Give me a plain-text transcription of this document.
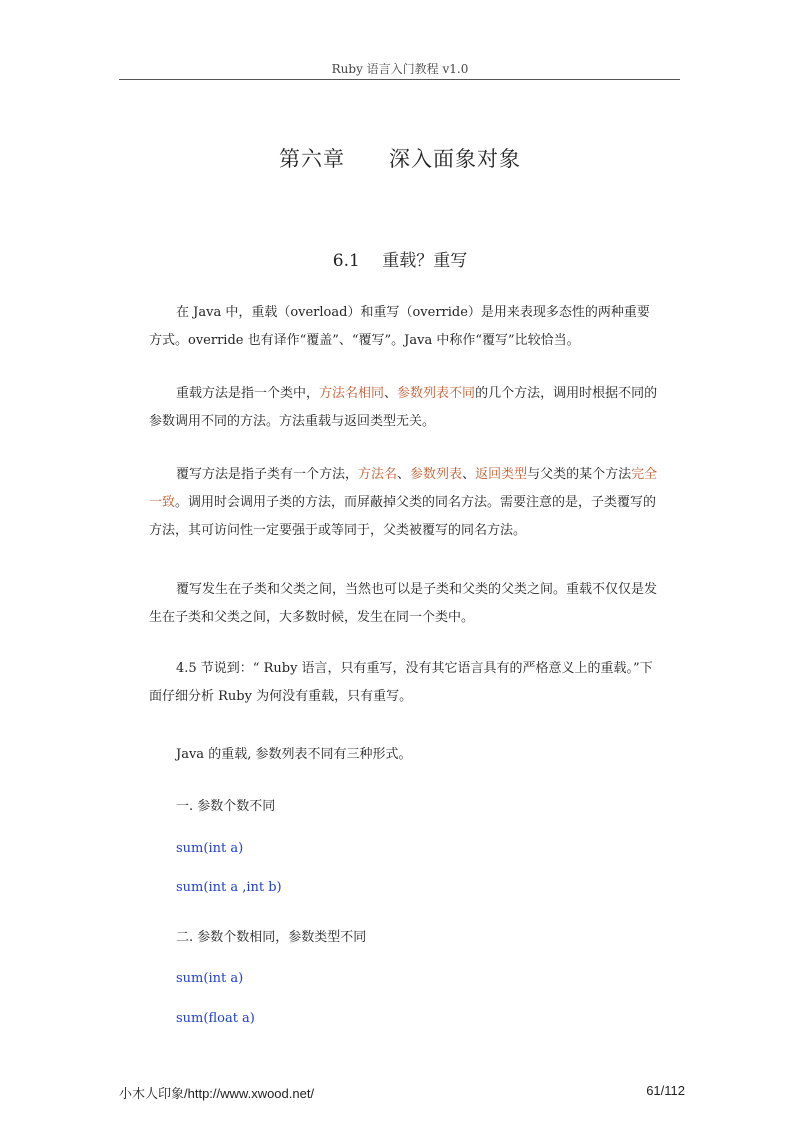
Ruby 语言入门教程 v1.0
第六章　　深入面象对象
6.1　 重载？重写
在 Java 中，重载（overload）和重写（override）是用来表现多态性的两种重要方式。override 也有译作“覆盖”、“覆写”。Java 中称作“覆写”比较恰当。
重载方法是指一个类中，方法名相同、参数列表不同的几个方法，调用时根据不同的参数调用不同的方法。方法重载与返回类型无关。
覆写方法是指子类有一个方法，方法名、参数列表、返回类型与父类的某个方法完全一致。调用时会调用子类的方法，而屏蔽掉父类的同名方法。需要注意的是，子类覆写的方法，其可访问性一定要强于或等同于，父类被覆写的同名方法。
覆写发生在子类和父类之间，当然也可以是子类和父类的父类之间。重载不仅仅是发生在子类和父类之间，大多数时候，发生在同一个类中。
4.5 节说到：“ Ruby 语言，只有重写，没有其它语言具有的严格意义上的重载。”下面仔细分析 Ruby 为何没有重载，只有重写。
Java 的重载, 参数列表不同有三种形式。
一. 参数个数不同
sum(int a)
sum(int a ,int b)
二. 参数个数相同，参数类型不同
sum(int a)
sum(float a)
小木人印象/http://www.xwood.net/	61/112
